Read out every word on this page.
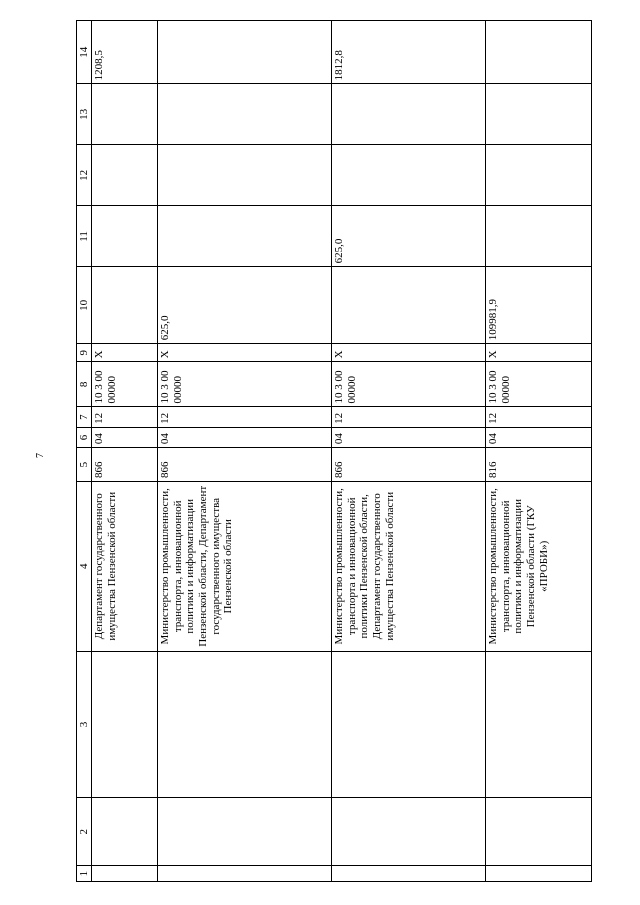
7
1	2	3	4	5	6	7	8	9	10	11	12	13	14
			Департамент государственного имущества Пензенской области	866	04	12	10 3 00 00000	X					1208,5
			Министерство промышленности, транспорта, инновационной политики и информатизации Пензенской области, Департамент государственного имущества Пензенской области	866	04	12	10 3 00 00000	X	625,0				
			Министерство промышленности, транспорта и инновационной политики Пензенской области, Департамент государственного имущества Пензенской области	866	04	12	10 3 00 00000	X		625,0			1812,8
			Министерство промышленности, транспорта, инновационной политики и информатизации Пензенской области (ГКУ «ПРОБИ»)	816	04	12	10 3 00 00000	X	109981,9				
